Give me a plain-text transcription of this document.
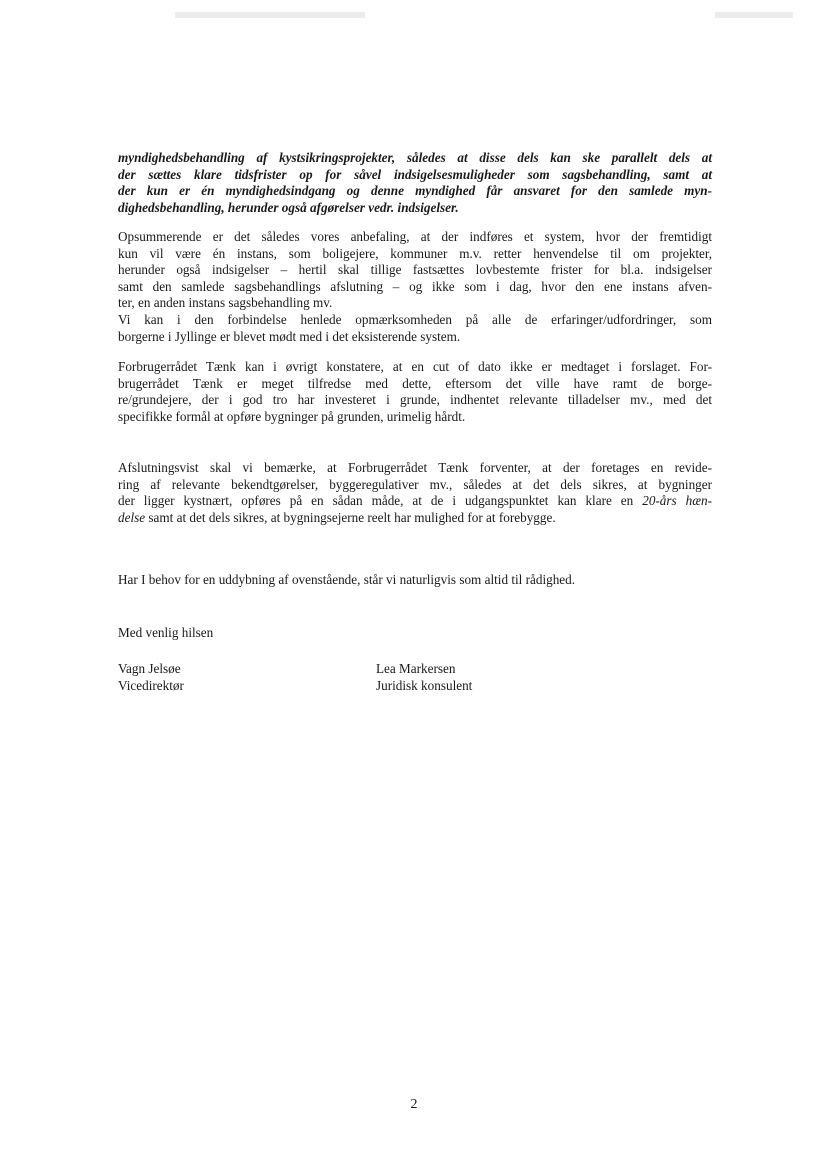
myndighedsbehandling af kystsikringsprojekter, således at disse dels kan ske parallelt dels at
der sættes klare tidsfrister op for såvel indsigelsesmuligheder som sagsbehandling, samt at
der kun er én myndighedsindgang og denne myndighed får ansvaret for den samlede myn-
dighedsbehandling, herunder også afgørelser vedr. indsigelser.
Opsummerende er det således vores anbefaling, at der indføres et system, hvor der fremtidigt
kun vil være én instans, som boligejere, kommuner m.v. retter henvendelse til om projekter,
herunder også indsigelser – hertil skal tillige fastsættes lovbestemte frister for bl.a. indsigelser
samt den samlede sagsbehandlings afslutning – og ikke som i dag, hvor den ene instans afven-
ter, en anden instans sagsbehandling mv.
Vi kan i den forbindelse henlede opmærksomheden på alle de erfaringer/udfordringer, som
borgerne i Jyllinge er blevet mødt med i det eksisterende system.
Forbrugerrådet Tænk kan i øvrigt konstatere, at en cut of dato ikke er medtaget i forslaget. For-
brugerrådet Tænk er meget tilfredse med dette, eftersom det ville have ramt de borge-
re/grundejere, der i god tro har investeret i grunde, indhentet relevante tilladelser mv., med det
specifikke formål at opføre bygninger på grunden, urimelig hårdt.
Afslutningsvist skal vi bemærke, at Forbrugerrådet Tænk forventer, at der foretages en revide-
ring af relevante bekendtgørelser, byggeregulativer mv., således at det dels sikres, at bygninger
der ligger kystnært, opføres på en sådan måde, at de i udgangspunktet kan klare en 20-års hæn-
delse samt at det dels sikres, at bygningsejerne reelt har mulighed for at forebygge.
Har I behov for en uddybning af ovenstående, står vi naturligvis som altid til rådighed.
Med venlig hilsen
Vagn Jelsøe
Vicedirektør
Lea Markersen
Juridisk konsulent
2
